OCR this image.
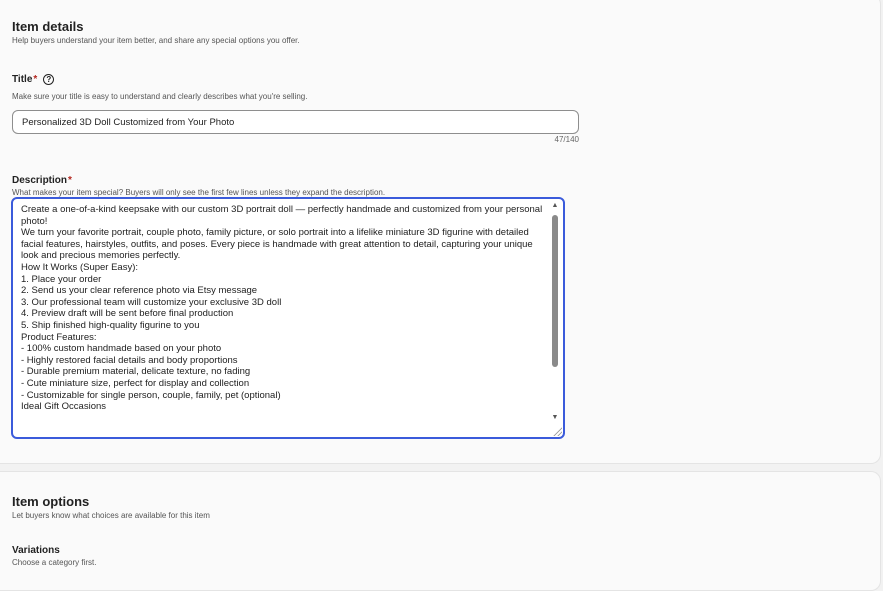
Item details

Help buyers understand your item better, and share any special options you offer.

Title *	?
Make sure your title is easy to understand and clearly describes what you're selling.
Personalized 3D Doll Customized from Your Photo
47/140
Description *
What makes your item special? Buyers will only see the first few lines unless they expand the description.
Create a one-of-a-kind keepsake with our custom 3D portrait doll — perfectly handmade and customized from your personal photo!
We turn your favorite portrait, couple photo, family picture, or solo portrait into a lifelike miniature 3D figurine with detailed facial features, hairstyles, outfits, and poses. Every piece is handmade with great attention to detail, capturing your unique look and precious memories perfectly.
How It Works (Super Easy):
1. Place your order
2. Send us your clear reference photo via Etsy message
3. Our professional team will customize your exclusive 3D doll
4. Preview draft will be sent before final production
5. Ship finished high-quality figurine to you
Product Features:
- 100% custom handmade based on your photo
- Highly restored facial details and body proportions
- Durable premium material, delicate texture, no fading
- Cute miniature size, perfect for display and collection
- Customizable for single person, couple, family, pet (optional)
Ideal Gift Occasions
▲
▼
Item options

Let buyers know what choices are available for this item

Variations
Choose a category first.
